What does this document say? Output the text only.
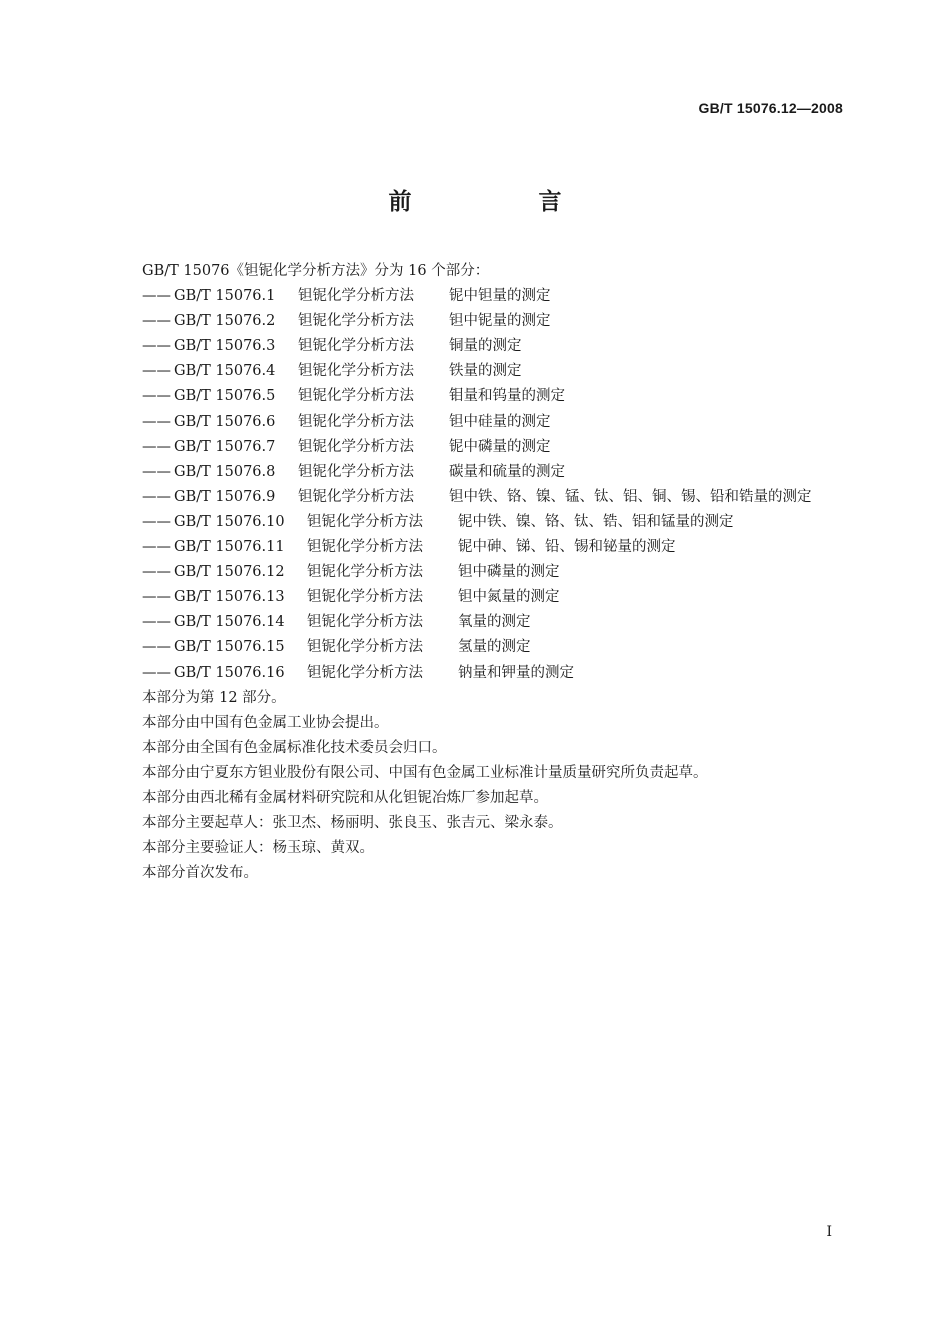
GB/T 15076.12—2008
前　言
GB/T 15076《钽铌化学分析方法》分为 16 个部分：
—— GB/T 15076.1	钽铌化学分析方法	铌中钽量的测定
—— GB/T 15076.2	钽铌化学分析方法	钽中铌量的测定
—— GB/T 15076.3	钽铌化学分析方法	铜量的测定
—— GB/T 15076.4	钽铌化学分析方法	铁量的测定
—— GB/T 15076.5	钽铌化学分析方法	钼量和钨量的测定
—— GB/T 15076.6	钽铌化学分析方法	钽中硅量的测定
—— GB/T 15076.7	钽铌化学分析方法	铌中磷量的测定
—— GB/T 15076.8	钽铌化学分析方法	碳量和硫量的测定
—— GB/T 15076.9	钽铌化学分析方法	钽中铁、铬、镍、锰、钛、铝、铜、锡、铅和锆量的测定
—— GB/T 15076.10	钽铌化学分析方法	铌中铁、镍、铬、钛、锆、铝和锰量的测定
—— GB/T 15076.11	钽铌化学分析方法	铌中砷、锑、铅、锡和铋量的测定
—— GB/T 15076.12	钽铌化学分析方法	钽中磷量的测定
—— GB/T 15076.13	钽铌化学分析方法	钽中氮量的测定
—— GB/T 15076.14	钽铌化学分析方法	氧量的测定
—— GB/T 15076.15	钽铌化学分析方法	氢量的测定
—— GB/T 15076.16	钽铌化学分析方法	钠量和钾量的测定
本部分为第 12 部分。
本部分由中国有色金属工业协会提出。
本部分由全国有色金属标准化技术委员会归口。
本部分由宁夏东方钽业股份有限公司、中国有色金属工业标准计量质量研究所负责起草。
本部分由西北稀有金属材料研究院和从化钽铌冶炼厂参加起草。
本部分主要起草人：张卫杰、杨丽明、张良玉、张吉元、梁永泰。
本部分主要验证人：杨玉琼、黄双。
本部分首次发布。
I
